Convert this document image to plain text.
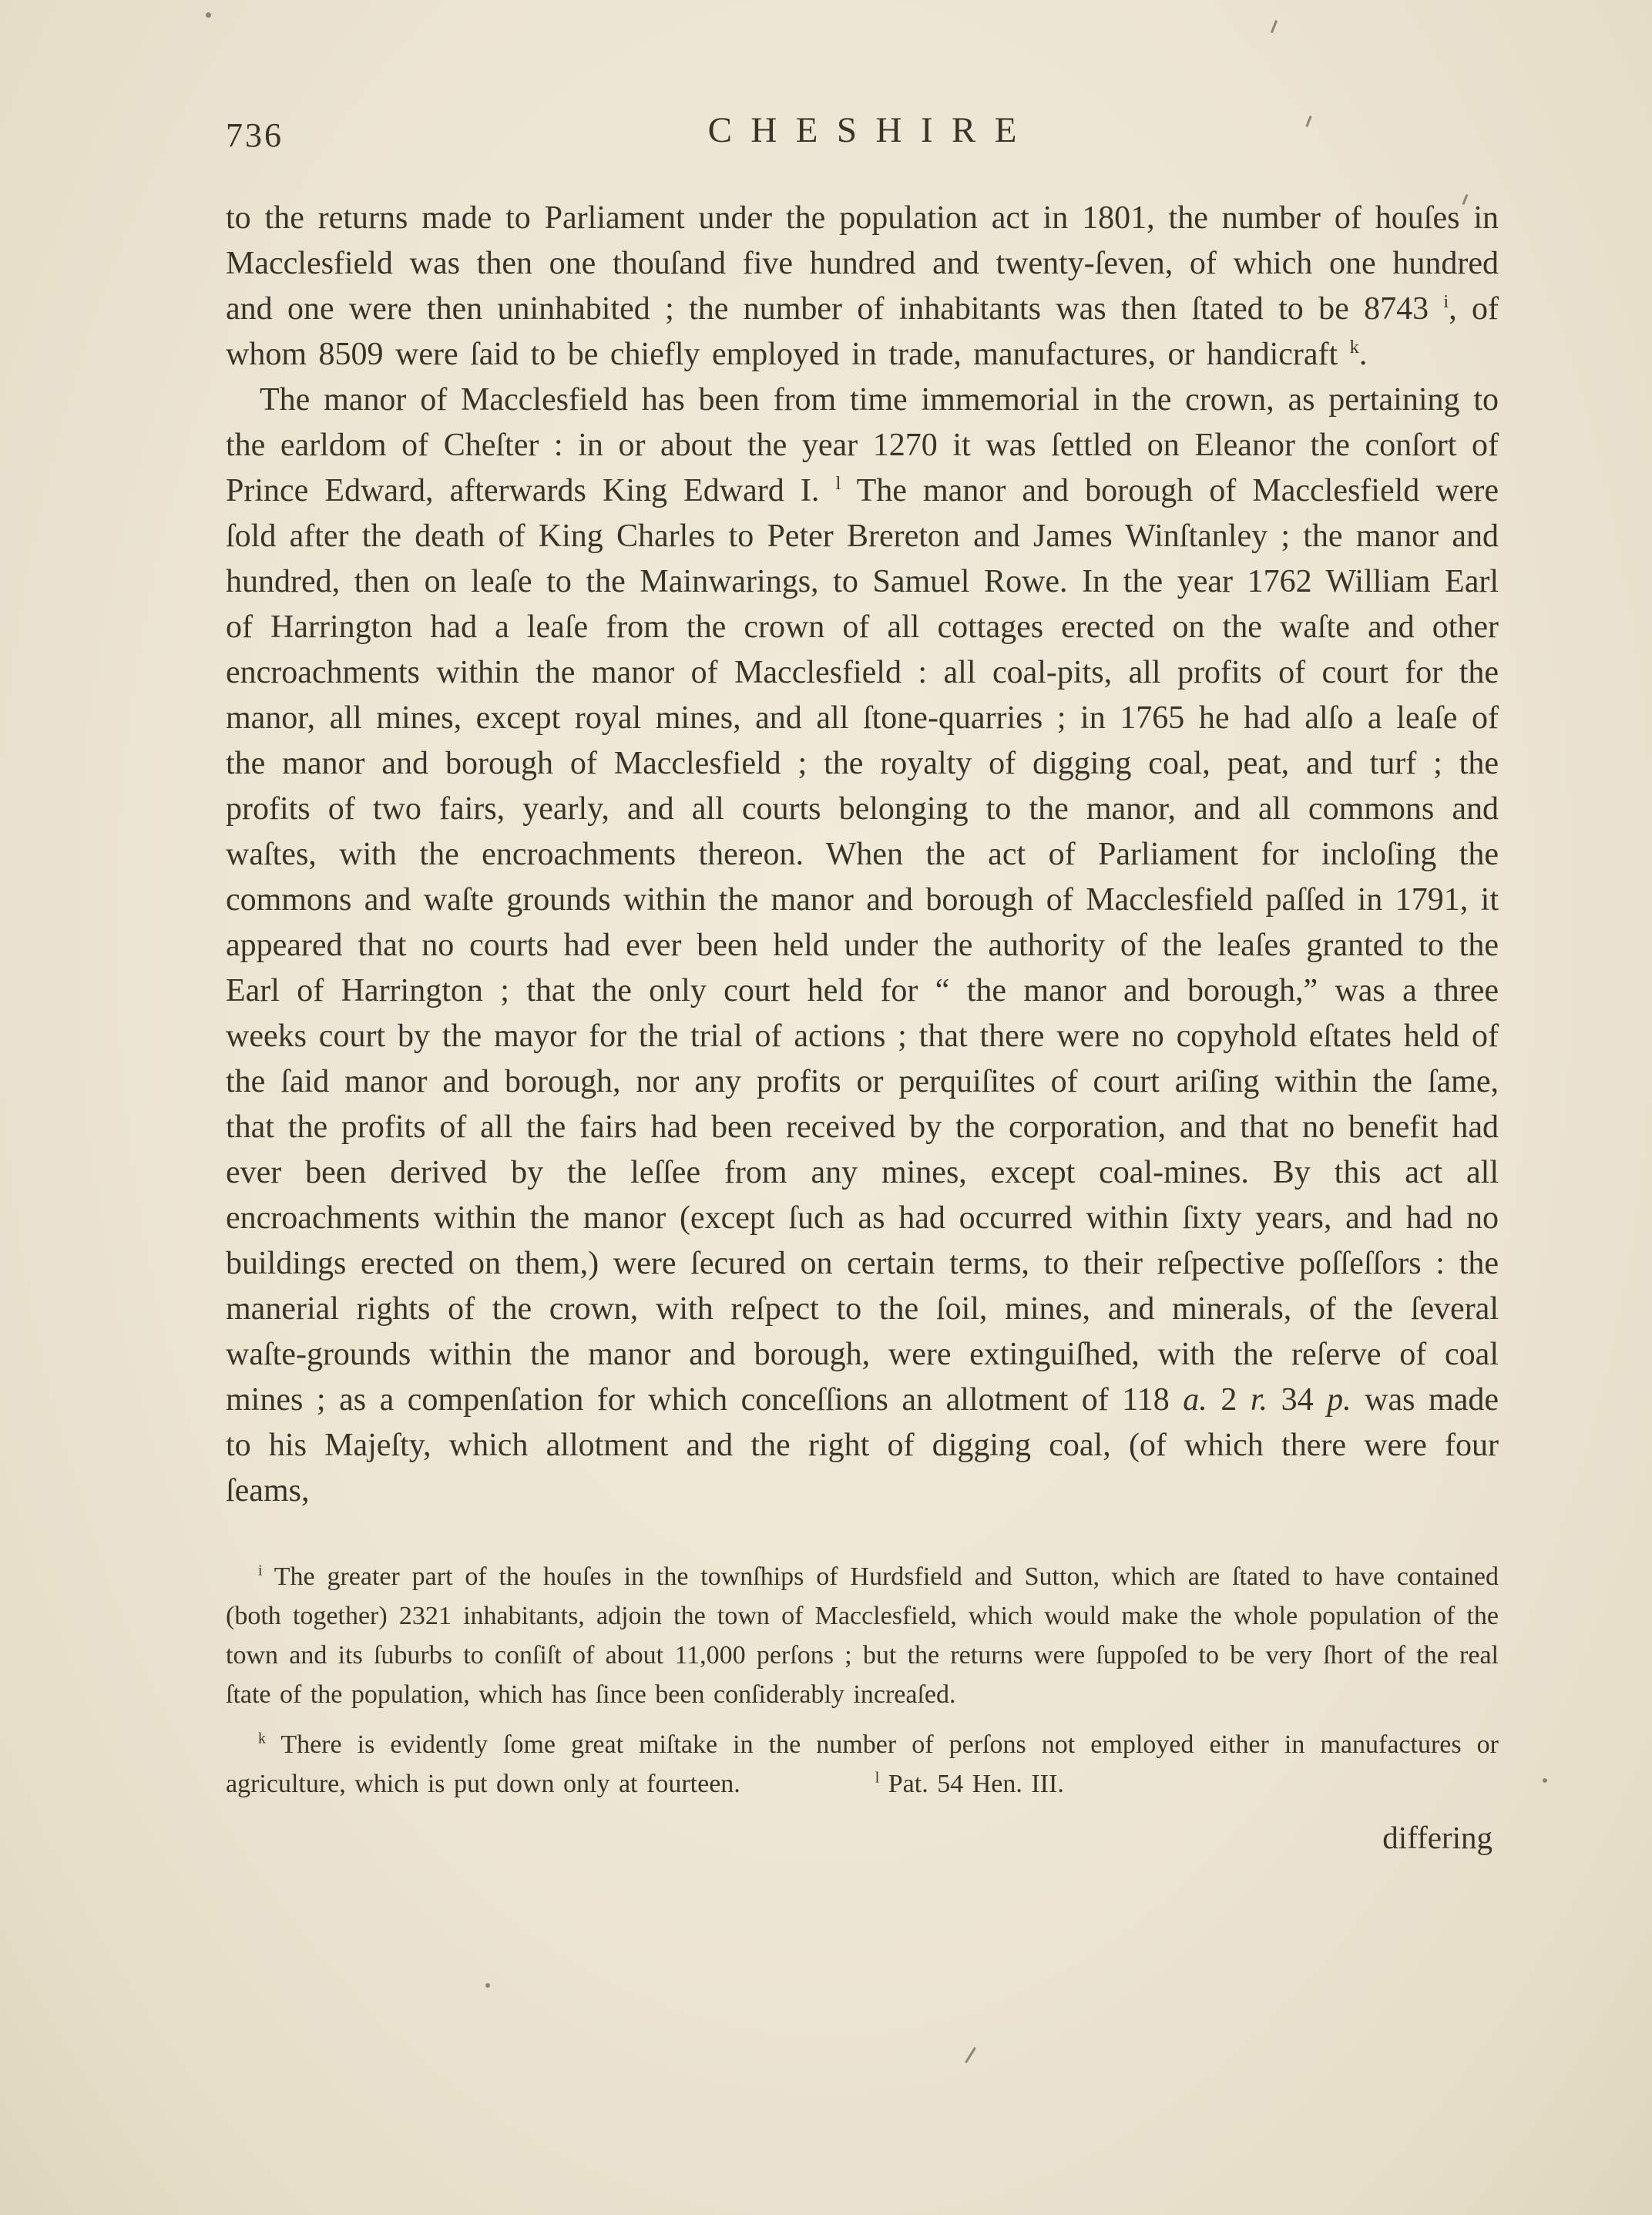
736	CHESHIRE

to the returns made to Parliament under the population act in 1801, the number of houſes in Macclesfield was then one thouſand five hundred and twenty-ſeven, of which one hundred and one were then uninhabited ; the number of inhabitants was then ſtated to be 8743 $^i$, of whom 8509 were ſaid to be chiefly employed in trade, manufactures, or handicraft $^k$.

The manor of Macclesfield has been from time immemorial in the crown, as pertaining to the earldom of Cheſter : in or about the year 1270 it was ſettled on Eleanor the conſort of Prince Edward, afterwards King Edward I. $^l$ The manor and borough of Macclesfield were ſold after the death of King Charles to Peter Brereton and James Winſtanley ; the manor and hundred, then on leaſe to the Mainwarings, to Samuel Rowe. In the year 1762 William Earl of Harrington had a leaſe from the crown of all cottages erected on the waſte and other encroachments within the manor of Macclesfield : all coal-pits, all profits of court for the manor, all mines, except royal mines, and all ſtone-quarries ; in 1765 he had alſo a leaſe of the manor and borough of Macclesfield ; the royalty of digging coal, peat, and turf ; the profits of two fairs, yearly, and all courts belonging to the manor, and all commons and waſtes, with the encroachments thereon. When the act of Parliament for incloſing the commons and waſte grounds within the manor and borough of Macclesfield paſſed in 1791, it appeared that no courts had ever been held under the authority of the leaſes granted to the Earl of Harrington ; that the only court held for “ the manor and borough,” was a three weeks court by the mayor for the trial of actions ; that there were no copyhold eſtates held of the ſaid manor and borough, nor any profits or perquiſites of court ariſing within the ſame, that the profits of all the fairs had been received by the corporation, and that no benefit had ever been derived by the leſſee from any mines, except coal-mines. By this act all encroachments within the manor (except ſuch as had occurred within ſixty years, and had no buildings erected on them,) were ſecured on certain terms, to their reſpective poſſeſſors : the manerial rights of the crown, with reſpect to the ſoil, mines, and minerals, of the ſeveral waſte-grounds within the manor and borough, were extinguiſhed, with the reſerve of coal mines ; as a compenſation for which conceſſions an allotment of 118 a. 2 r. 34 p. was made to his Majeſty, which allotment and the right of digging coal, (of which there were four ſeams,

$^i$ The greater part of the houſes in the townſhips of Hurdsfield and Sutton, which are ſtated to have contained (both together) 2321 inhabitants, adjoin the town of Macclesfield, which would make the whole population of the town and its ſuburbs to conſiſt of about 11,000 perſons ; but the returns were ſuppoſed to be very ſhort of the real ſtate of the population, which has ſince been conſiderably increaſed.

$^k$ There is evidently ſome great miſtake in the number of perſons not employed either in manufactures or agriculture, which is put down only at fourteen.	$^l$ Pat. 54 Hen. III.

differing
